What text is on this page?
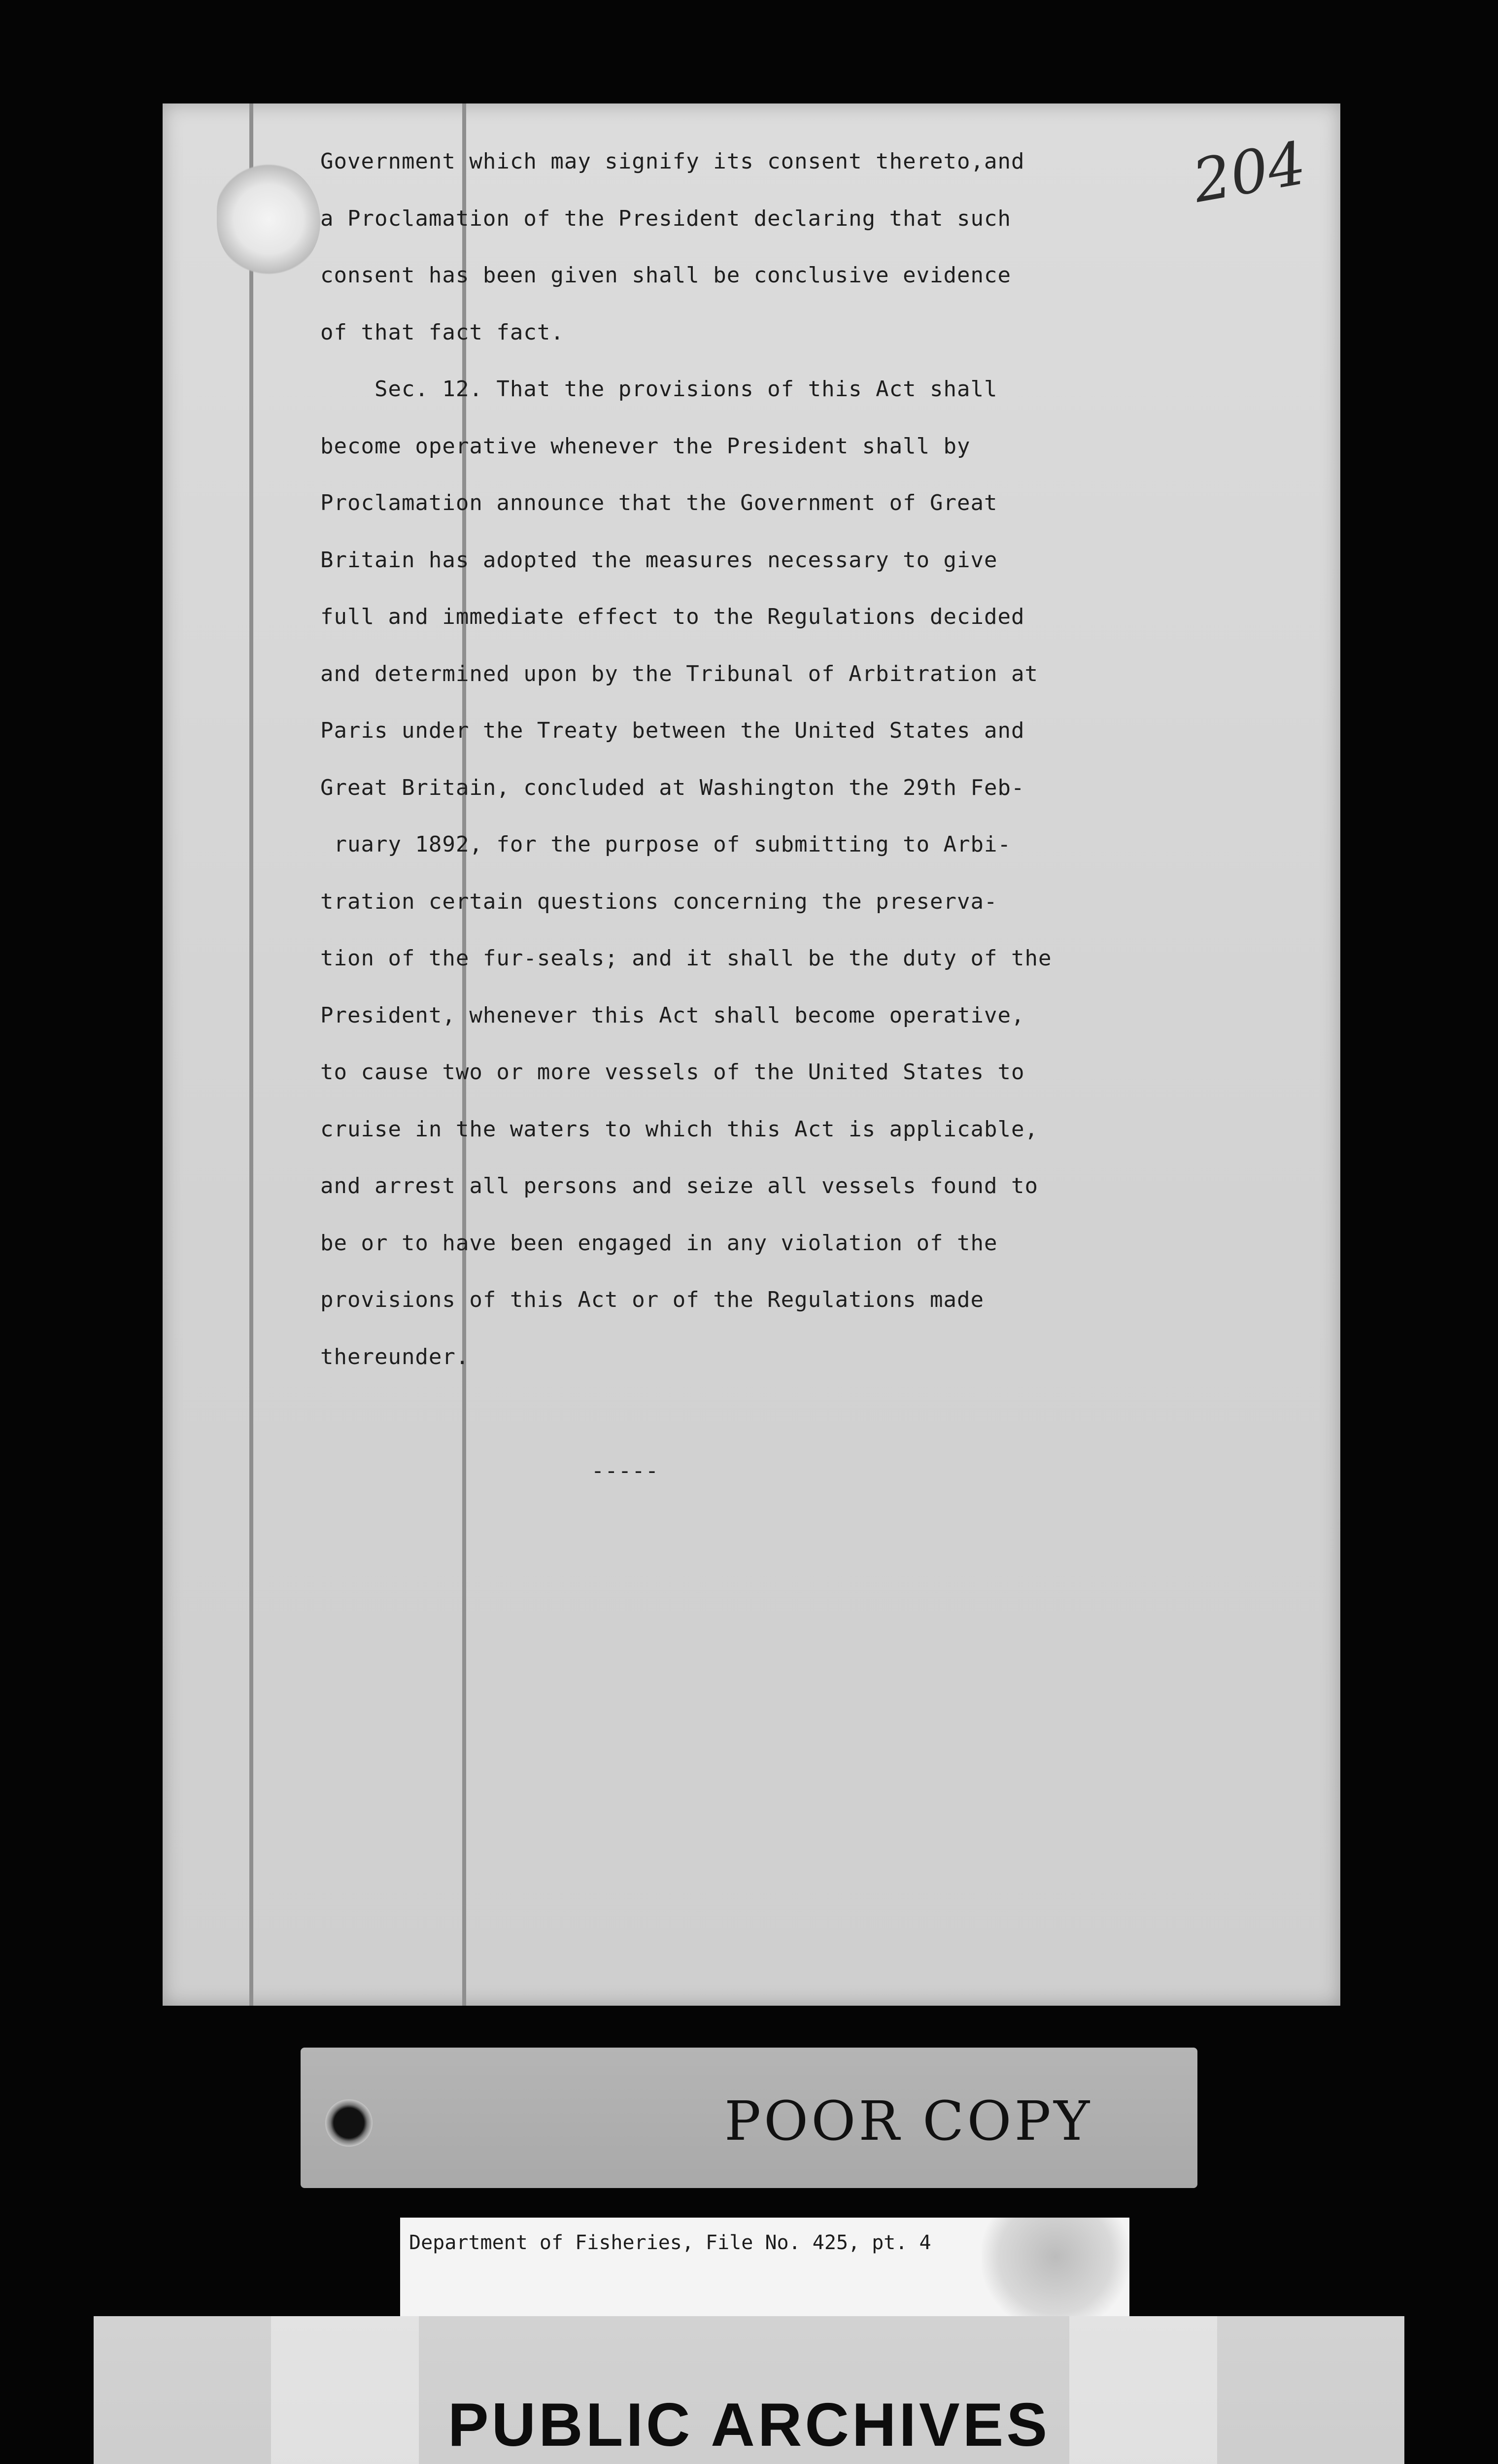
204
Government which may signify its consent thereto,and
a Proclamation of the President declaring that such
consent has been given shall be conclusive evidence
of that fact fact.
Sec. 12. That the provisions of this Act shall
become operative whenever the President shall by
Proclamation announce that the Government of Great
Britain has adopted the measures necessary to give
full and immediate effect to the Regulations decided
and determined upon by the Tribunal of Arbitration at
Paris under the Treaty between the United States and
Great Britain, concluded at Washington the 29th Feb-
ruary 1892, for the purpose of submitting to Arbi-
tration certain questions concerning the preserva-
tion of the fur-seals; and it shall be the duty of the
President, whenever this Act shall become operative,
to cause two or more vessels of the United States to
cruise in the waters to which this Act is applicable,
and arrest all persons and seize all vessels found to
be or to have been engaged in any violation of the
provisions of this Act or of the Regulations made
thereunder.
-----
POOR COPY
Department of Fisheries, File No. 425, pt. 4
PUBLIC ARCHIVES
